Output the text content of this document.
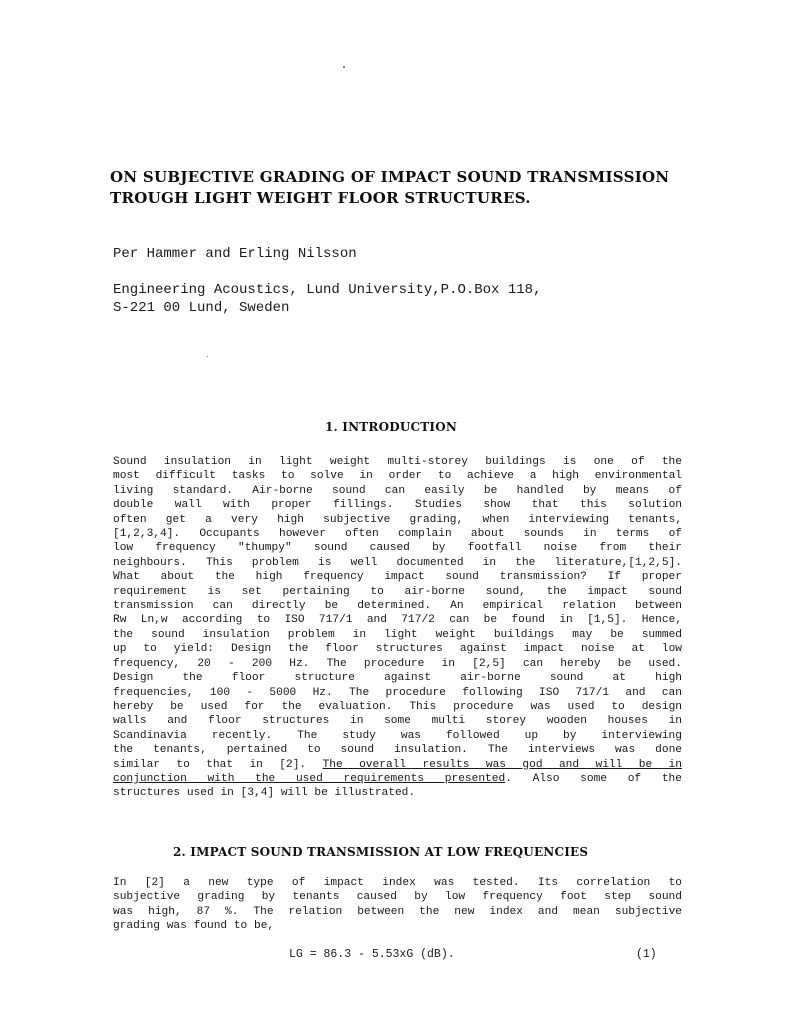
ON SUBJECTIVE GRADING OF IMPACT SOUND TRANSMISSION
TROUGH LIGHT WEIGHT FLOOR STRUCTURES.
Per Hammer and Erling Nilsson
Engineering Acoustics, Lund University,P.O.Box 118,
S-221 00 Lund, Sweden
1. INTRODUCTION
Sound insulation in light weight multi-storey buildings is one of the
most difficult tasks to solve in order to achieve a high environmental
living standard. Air-borne sound can easily be handled by means of
double wall with proper fillings. Studies show that this solution
often get a very high subjective grading, when interviewing tenants,
[1,2,3,4]. Occupants however often complain about sounds in terms of
low frequency "thumpy" sound caused by footfall noise from their
neighbours. This problem is well documented in the literature,[1,2,5].
What about the high frequency impact sound transmission? If proper
requirement is set pertaining to air-borne sound, the impact sound
transmission can directly be determined. An empirical relation between
Rw Ln,w according to ISO 717/1 and 717/2 can be found in [1,5]. Hence,
the sound insulation problem in light weight buildings may be summed
up to yield: Design the floor structures against impact noise at low
frequency, 20 - 200 Hz. The procedure in [2,5] can hereby be used.
Design the floor structure against air-borne sound at high
frequencies, 100 - 5000 Hz. The procedure following ISO 717/1 and can
hereby be used for the evaluation. This procedure was used to design
walls and floor structures in some multi storey wooden houses in
Scandinavia recently. The study was followed up by interviewing
the tenants, pertained to sound insulation. The interviews was done
similar to that in [2]. The overall results was god and will be in
conjunction with the used requirements presented. Also some of the
structures used in [3,4] will be illustrated.
2. IMPACT SOUND TRANSMISSION AT LOW FREQUENCIES
In [2] a new type of impact index was tested. Its correlation to
subjective grading by tenants caused by low frequency foot step sound
was high, 87 %. The relation between the new index and mean subjective
grading was found to be,
LG = 86.3 - 5.53xG (dB).	(1)
